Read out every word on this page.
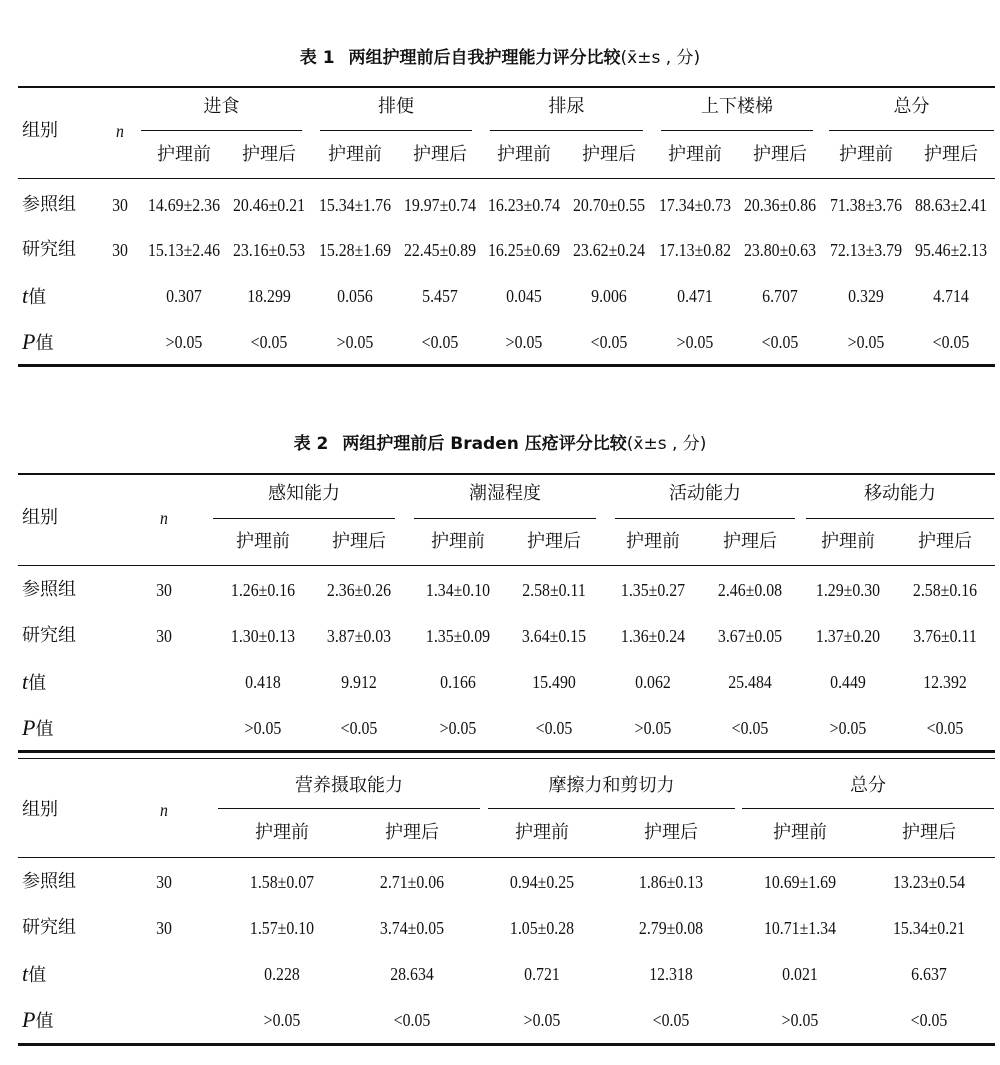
表 1 两组护理前后自我护理能力评分比较(x̄±s , 分)
组别	n
进食
护理前	护理后
排便
护理前	护理后
排尿
护理前	护理后
上下楼梯
护理前	护理后
总分
护理前	护理后
参照组	30	14.69±2.36 20.46±0.21 15.34±1.76 19.97±0.74 16.23±0.74 20.70±0.55 17.34±0.73 20.36±0.86 71.38±3.76 88.63±2.41
研究组	30	15.13±2.46 23.16±0.53 15.28±1.69 22.45±0.89 16.25±0.69 23.62±0.24 17.13±0.82 23.80±0.63 72.13±3.79 95.46±2.13
t值	0.307	18.299	0.056	5.457	0.045	9.006	0.471	6.707	0.329	4.714
P值	>0.05	<0.05	>0.05	<0.05	>0.05	<0.05	>0.05	<0.05	>0.05	<0.05
表 2 两组护理前后 Braden 压疮评分比较(x̄±s , 分)
组别	n
感知能力
护理前	护理后
潮湿程度
护理前	护理后
活动能力
护理前	护理后
移动能力
护理前	护理后
参照组	30	1.26±0.16	2.36±0.26	1.34±0.10	2.58±0.11	1.35±0.27	2.46±0.08	1.29±0.30	2.58±0.16
研究组	30	1.30±0.13	3.87±0.03	1.35±0.09	3.64±0.15	1.36±0.24	3.67±0.05	1.37±0.20	3.76±0.11
t值	0.418	9.912	0.166	15.490	0.062	25.484	0.449	12.392
P值	>0.05	<0.05	>0.05	<0.05	>0.05	<0.05	>0.05	<0.05
组别	n
营养摄取能力
护理前	护理后
摩擦力和剪切力
护理前	护理后
总分
护理前	护理后
参照组	30	1.58±0.07	2.71±0.06	0.94±0.25	1.86±0.13	10.69±1.69	13.23±0.54
研究组	30	1.57±0.10	3.74±0.05	1.05±0.28	2.79±0.08	10.71±1.34	15.34±0.21
t值	0.228	28.634	0.721	12.318	0.021	6.637
P值	>0.05	<0.05	>0.05	<0.05	>0.05	<0.05
